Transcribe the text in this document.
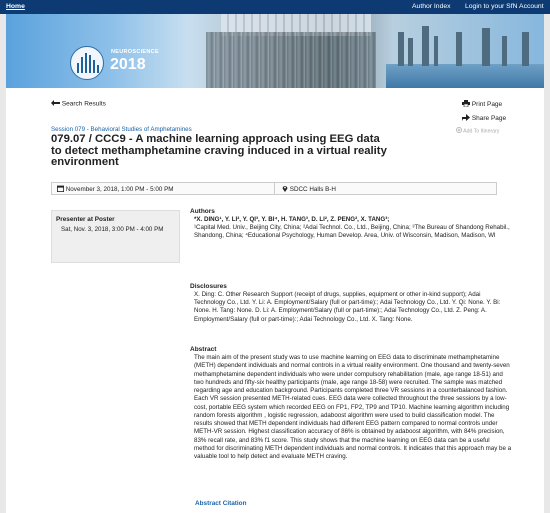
Home	Author Index Login to your SfN Account
NEUROSCIENCE
2018
Search Results	Print Page
Share Page
Add To Itinerary
Session 079 - Behavioral Studies of Amphetamines
079.07 / CCC9 - A machine learning approach using EEG data to detect methamphetamine craving induced in a virtual reality environment
November 3, 2018, 1:00 PM - 5:00 PM	SDCC Halls B-H
Presenter at Poster
Sat, Nov. 3, 2018, 3:00 PM - 4:00 PM
Authors
*X. DING¹, Y. LI², Y. QI³, Y. BI⁴, H. TANG³, D. LI², Z. PENG², X. TANG³;
¹Capital Med. Univ., Beijing City, China; ²Adai Technol. Co., Ltd., Beijing, China; ³The Bureau of Shandong Rehabil., Shandong, China; ⁴Educational Psychology, Human Develop. Area, Univ. of Wisconsin, Madison, Madison, WI
Disclosures
X. Ding: C. Other Research Support (receipt of drugs, supplies, equipment or other in-kind support); Adai Technology Co., Ltd. Y. Li: A. Employment/Salary (full or part-time):; Adai Technology Co., Ltd. Y. Qi: None. Y. Bi: None. H. Tang: None. D. Li: A. Employment/Salary (full or part-time):; Adai Technology Co., Ltd. Z. Peng: A. Employment/Salary (full or part-time):; Adai Technology Co., Ltd. X. Tang: None.
Abstract
The main aim of the present study was to use machine learning on EEG data to discriminate methamphetamine (METH) dependent individuals and normal controls in a virtual reality environment. One thousand and twenty-seven methamphetamine dependent individuals who were under compulsory rehabilitation (male, age range 18-51) and two hundreds and fifty-six healthy participants (male, age range 18-58) were recruited. The sample was matched regarding age and education background. Participants completed three VR sessions in a counterbalanced fashion. Each VR session presented METH-related cues. EEG data were collected throughout the three sessions by a low-cost, portable EEG system which recorded EEG on FP1, FP2, TP9 and TP10. Machine learning algorithm including random forests algorithm , logistic regression, adaboost algorithm were used to build classification model. The results showed that METH dependent individuals had different EEG pattern compared to normal controls under METH-VR session. Highest classification accuracy of 86% is obtained by adaboost algorithm, with 84% precision, 83% recall rate, and 83% f1 score. This study shows that the machine learning on EEG data can be a useful method for discriminating METH dependent individuals and normal controls. It indicates that this approach may be a valuable tool to help detect and evaluate METH craving.
Abstract Citation
